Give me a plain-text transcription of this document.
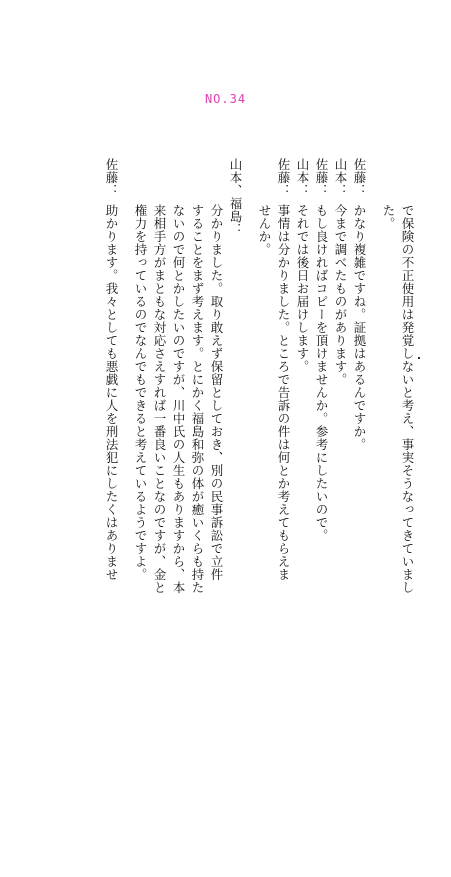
NO.34
で保険の不正使用は発覚しないと考え、事実そうなってきていまし
た。
佐藤：かなり複雑ですね。証拠はあるんですか。
山本：今まで調べたものがあります。
佐藤：もし良ければコピーを頂けませんか。参考にしたいので。
山本：それでは後日お届けします。
佐藤：事情は分かりました。ところで告訴の件は何とか考えてもらえま
せんか。
山本、福島：
分かりました。取り敢えず保留としておき、別の民事訴訟で立件
することをまず考えます。とにかく福島和弥の体が癒いくらも持た
ないので何とかしたいのですが、川中氏の人生もありますから、本
来相手方がまともな対応さえすれば一番良いことなのですが、金と
権力を持っているのでなんでもできると考えているようですよ。
佐藤：助かります。我々としても悪戯に人を刑法犯にしたくはありませ
